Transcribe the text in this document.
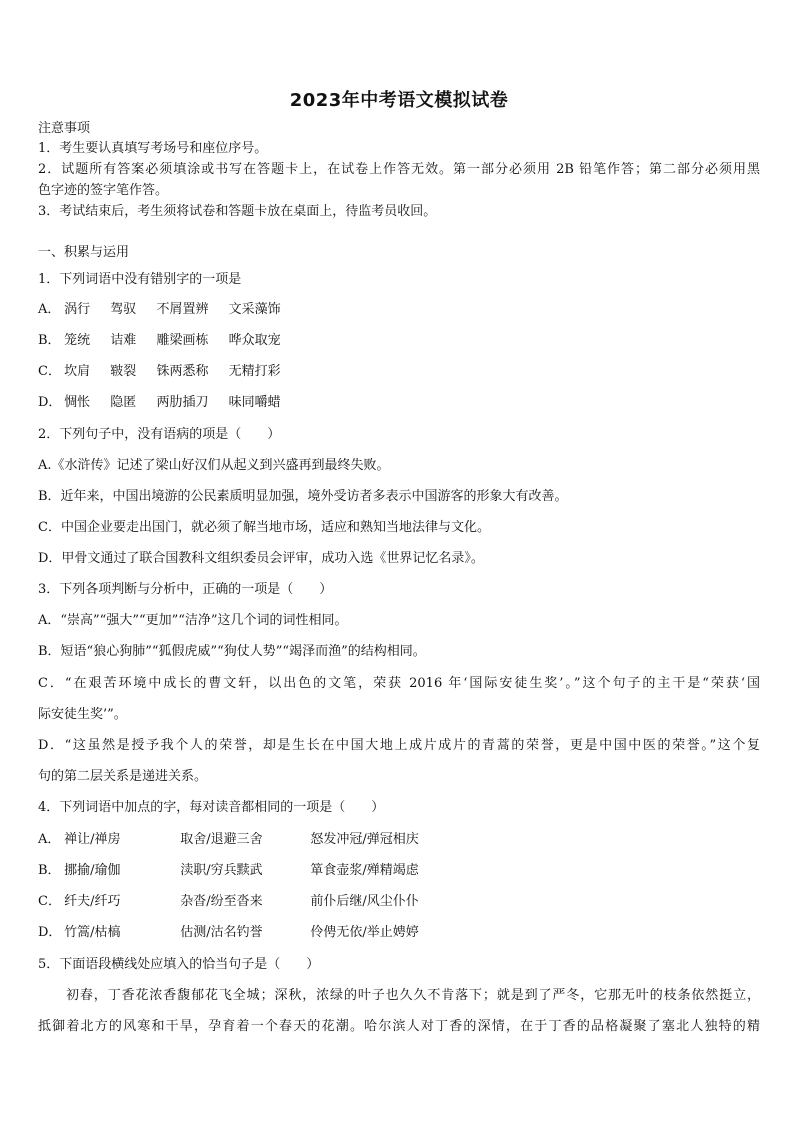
2023年中考语文模拟试卷
注意事项
1．考生要认真填写考场号和座位序号。
2．试题所有答案必须填涂或书写在答题卡上，在试卷上作答无效。第一部分必须用 2B 铅笔作答；第二部分必须用黑
色字迹的签字笔作答。
3．考试结束后，考生须将试卷和答题卡放在桌面上，待监考员收回。
一、积累与运用
1．下列词语中没有错别字的一项是
A． 涡行 驾驭 不屑置辨 文采藻饰
B． 笼统 诘难 雕梁画栋 哗众取宠
C． 坎肩 皲裂 铢两悉称 无精打彩
D． 惆怅 隐匿 两肋插刀 味同嚼蜡
2．下列句子中，没有语病的项是（　　）
A.《水浒传》记述了梁山好汉们从起义到兴盛再到最终失败。
B．近年来，中国出境游的公民素质明显加强，境外受访者多表示中国游客的形象大有改善。
C．中国企业要走出国门，就必须了解当地市场，适应和熟知当地法律与文化。
D．甲骨文通过了联合国教科文组织委员会评审，成功入选《世界记忆名录》。
3．下列各项判断与分析中，正确的一项是（　　）
A．“崇高”“强大”“更加”“洁净”这几个词的词性相同。
B．短语“狼心狗肺”“狐假虎威”“狗仗人势”“竭泽而渔”的结构相同。
C．“在艰苦环境中成长的曹文轩，以出色的文笔，荣获 2016 年‘国际安徒生奖’。”这个句子的主干是“荣获‘国
际安徒生奖’”。
D．“这虽然是授予我个人的荣誉，却是生长在中国大地上成片成片的青蒿的荣誉，更是中国中医的荣誉。”这个复
句的第二层关系是递进关系。
4．下列词语中加点的字，每对读音都相同的一项是（　　）
A． 禅让/禅房	取舍/退避三舍	怒发冲冠/弹冠相庆
B． 挪揄/瑜伽	渎职/穷兵黩武	箪食壶浆/殚精竭虑
C． 纤夫/纤巧	杂沓/纷至沓来	前仆后继/风尘仆仆
D． 竹篙/枯槁	估测/沽名钓誉	伶俜无依/举止娉婷
5．下面语段横线处应填入的恰当句子是（　　）
初春，丁香花浓香馥郁花飞全城；深秋，浓绿的叶子也久久不肯落下；就是到了严冬，它那无叶的枝条依然挺立，
抵御着北方的风寒和干旱，孕育着一个春天的花潮。哈尔滨人对丁香的深情，在于丁香的品格凝聚了塞北人独特的精
